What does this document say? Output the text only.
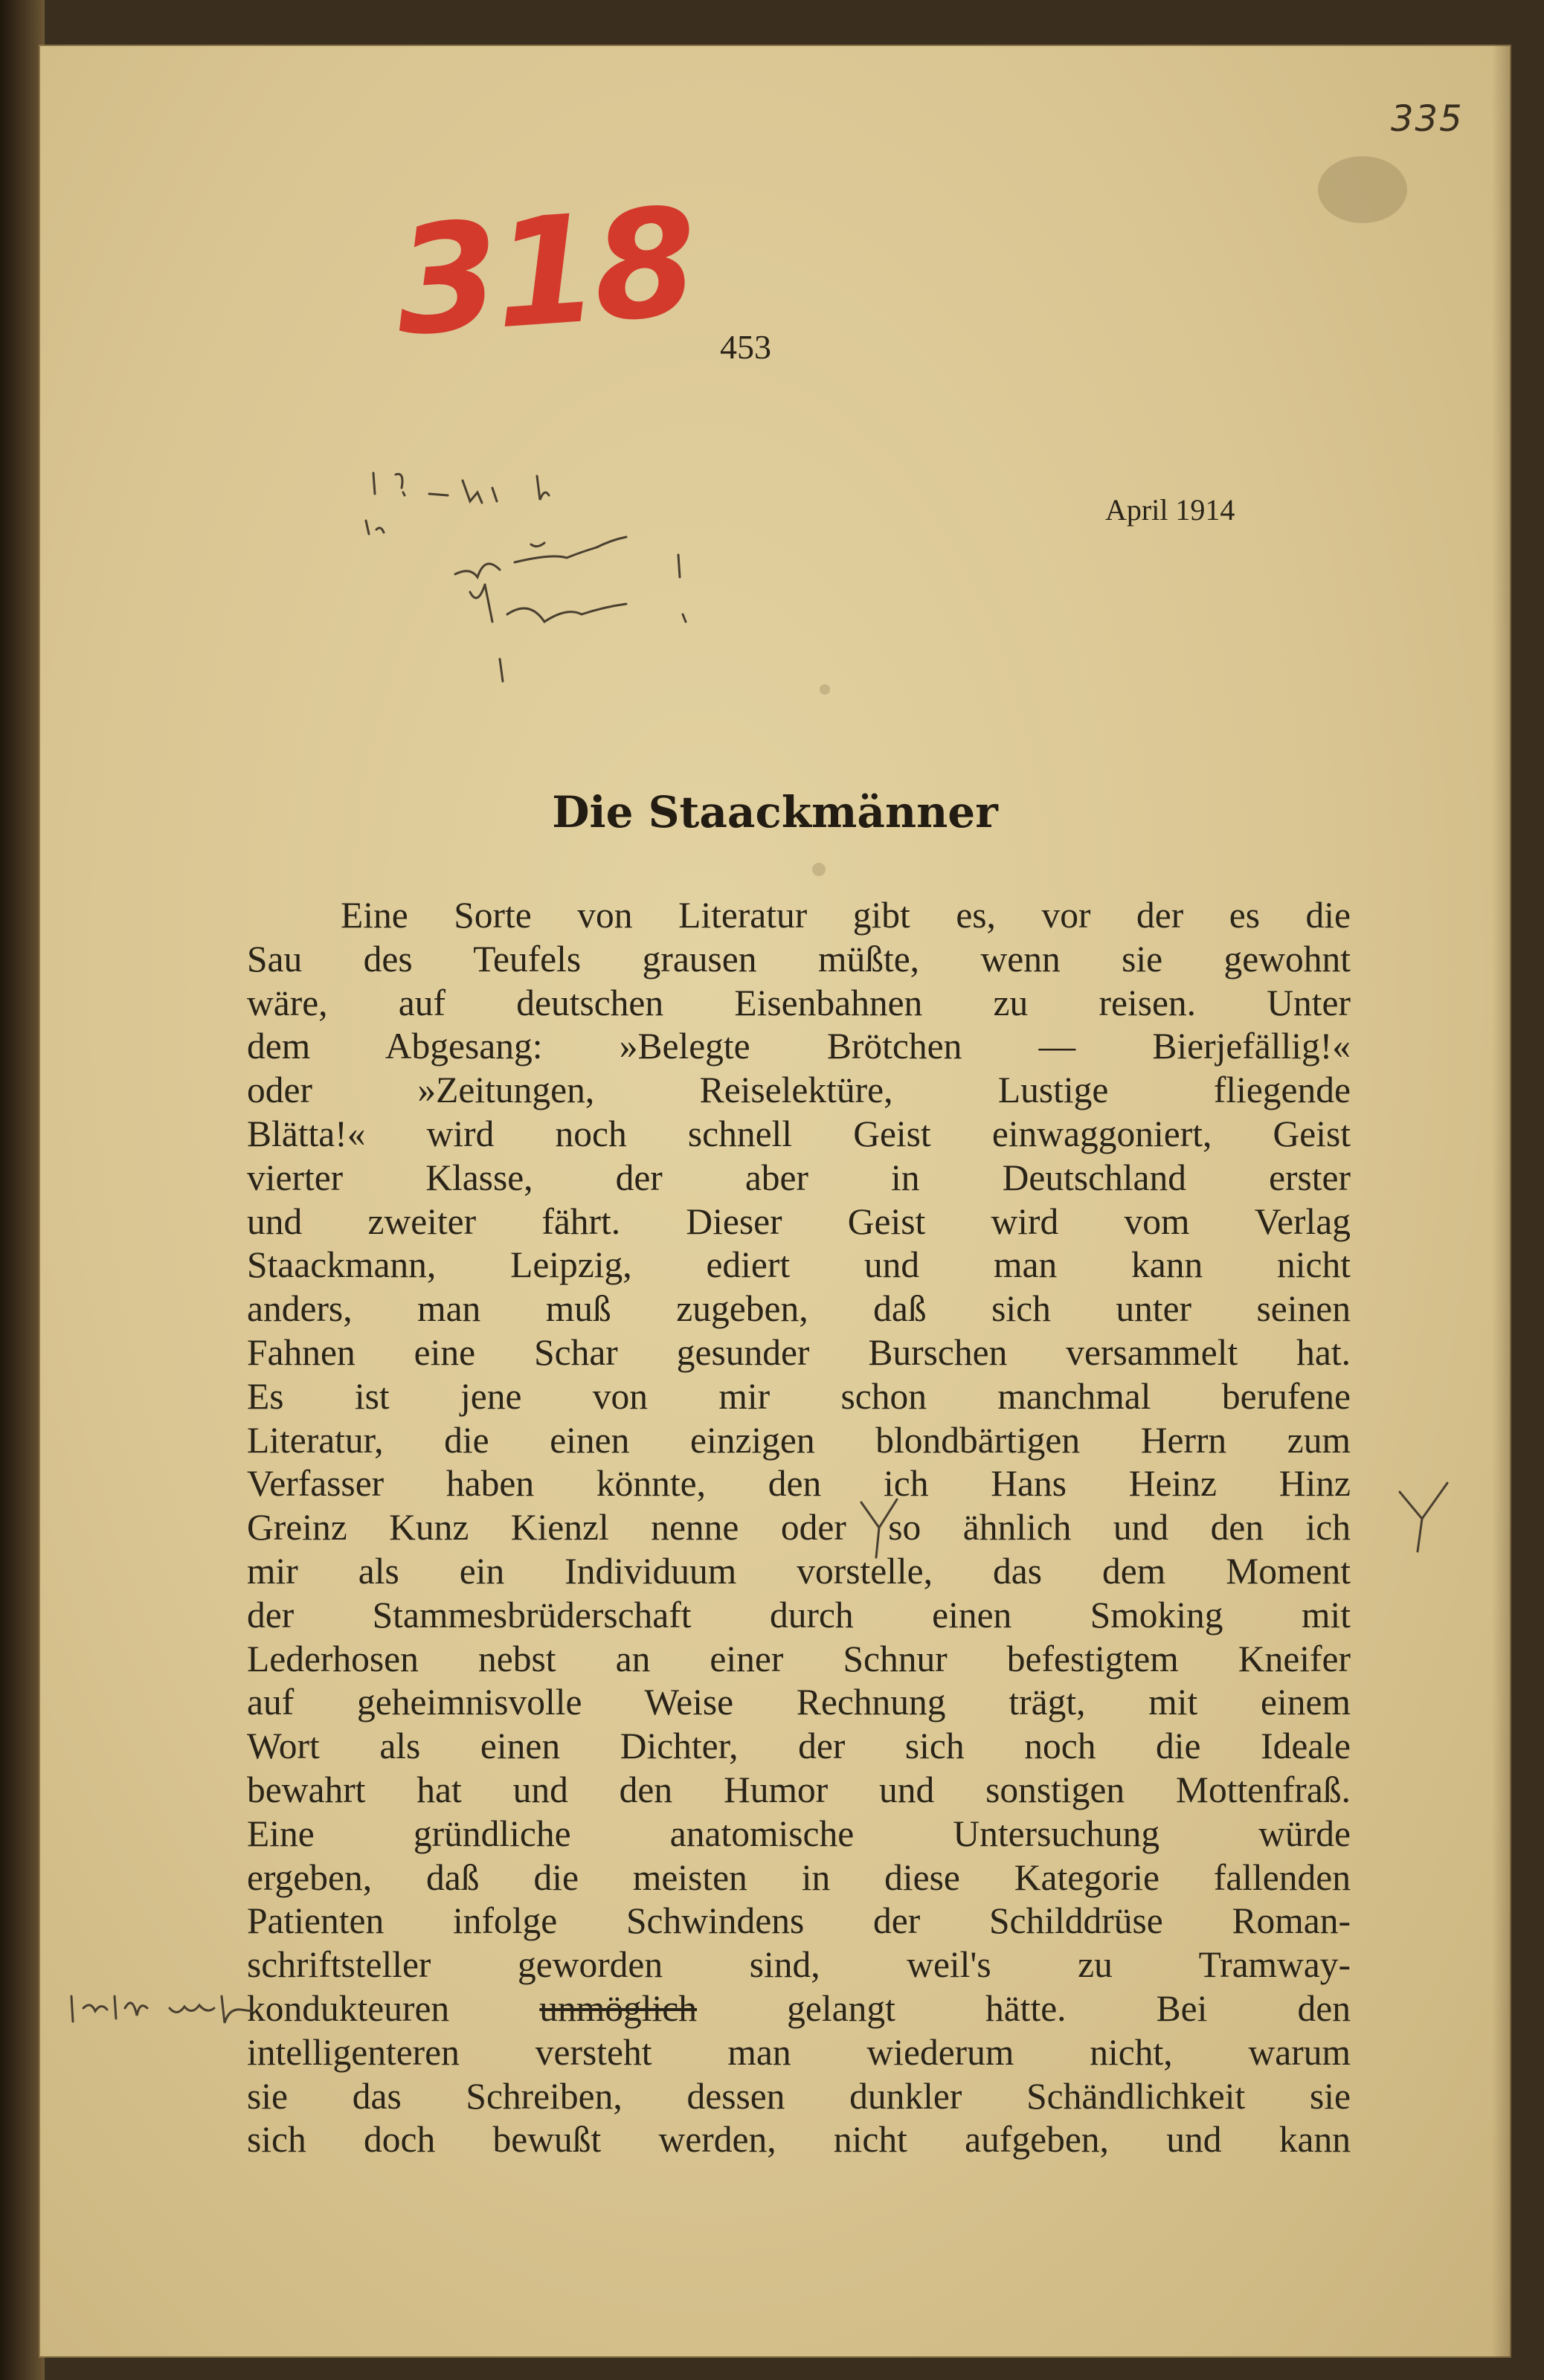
335
318 453
April 1914
Die Staackmänner
Eine Sorte von Literatur gibt es, vor der es die
Sau des Teufels grausen müßte, wenn sie gewohnt
wäre, auf deutschen Eisenbahnen zu reisen. Unter
dem Abgesang: »Belegte Brötchen — Bierjefällig!«
oder »Zeitungen, Reiselektüre, Lustige fliegende
Blätta!« wird noch schnell Geist einwaggoniert, Geist
vierter Klasse, der aber in Deutschland erster
und zweiter fährt. Dieser Geist wird vom Verlag
Staackmann, Leipzig, ediert und man kann nicht
anders, man muß zugeben, daß sich unter seinen
Fahnen eine Schar gesunder Burschen versammelt hat.
Es ist jene von mir schon manchmal berufene
Literatur, die einen einzigen blondbärtigen Herrn zum
Verfasser haben könnte, den ich Hans Heinz Hinz
Greinz Kunz Kienzl nenne oder so ähnlich und den ich
mir als ein Individuum vorstelle, das dem Moment
der Stammesbrüderschaft durch einen Smoking mit
Lederhosen nebst an einer Schnur befestigtem Kneifer
auf geheimnisvolle Weise Rechnung trägt, mit einem
Wort als einen Dichter, der sich noch die Ideale
bewahrt hat und den Humor und sonstigen Mottenfraß.
Eine gründliche anatomische Untersuchung würde
ergeben, daß die meisten in diese Kategorie fallenden
Patienten infolge Schwindens der Schilddrüse Roman-
schriftsteller geworden sind, weil's zu Tramway-
kondukteuren unmöglich gelangt hätte. Bei den
intelligenteren versteht man wiederum nicht, warum
sie das Schreiben, dessen dunkler Schändlichkeit sie
sich doch bewußt werden, nicht aufgeben, und kann
